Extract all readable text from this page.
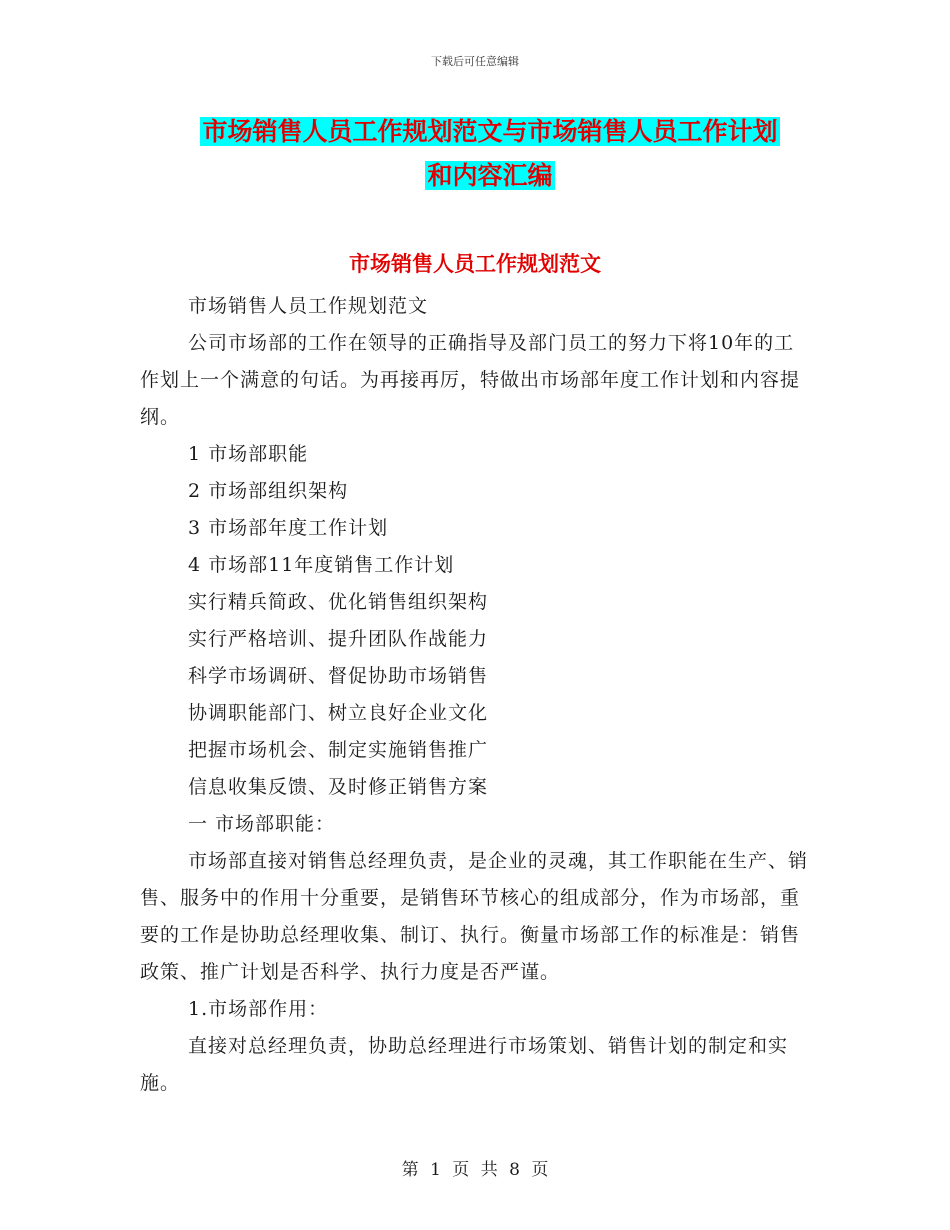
下载后可任意编辑
市场销售人员工作规划范文与市场销售人员工作计划
和内容汇编
市场销售人员工作规划范文

市场销售人员工作规划范文

公司市场部的工作在领导的正确指导及部门员工的努力下将10年的工作划上一个满意的句话。为再接再厉，特做出市场部年度工作计划和内容提纲。

1 市场部职能

2 市场部组织架构

3 市场部年度工作计划

4 市场部11年度销售工作计划

实行精兵简政、优化销售组织架构

实行严格培训、提升团队作战能力

科学市场调研、督促协助市场销售

协调职能部门、树立良好企业文化

把握市场机会、制定实施销售推广

信息收集反馈、及时修正销售方案

一 市场部职能：

市场部直接对销售总经理负责，是企业的灵魂，其工作职能在生产、销售、服务中的作用十分重要，是销售环节核心的组成部分，作为市场部，重要的工作是协助总经理收集、制订、执行。衡量市场部工作的标准是：销售政策、推广计划是否科学、执行力度是否严谨。

1.市场部作用：

直接对总经理负责，协助总经理进行市场策划、销售计划的制定和实施。

第 1 页 共 8 页
